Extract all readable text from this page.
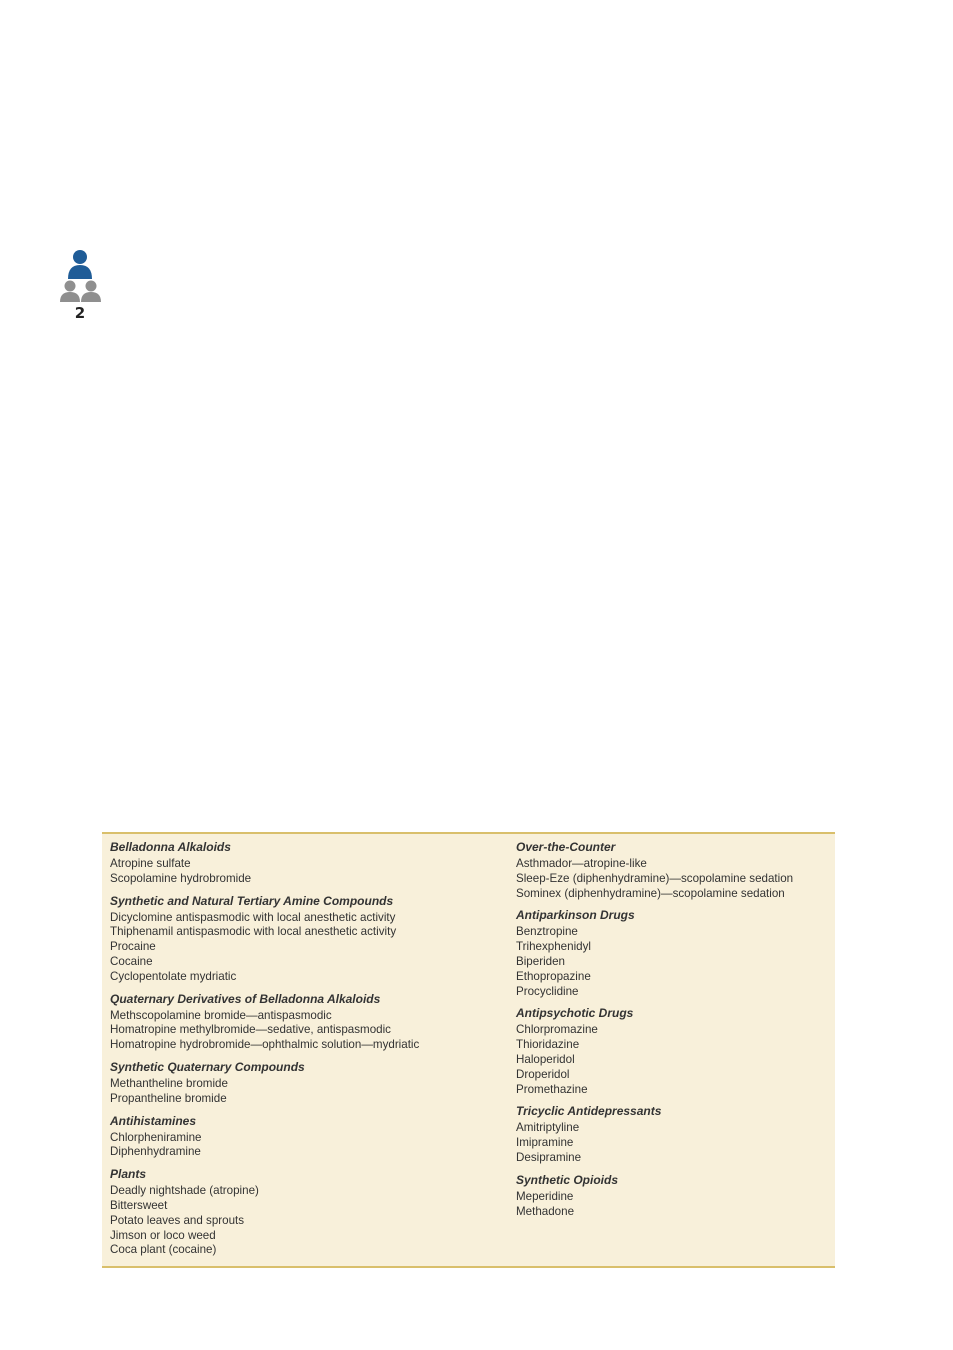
2
Belladonna Alkaloids
Atropine sulfate
Scopolamine hydrobromide
Synthetic and Natural Tertiary Amine Compounds
Dicyclomine antispasmodic with local anesthetic activity
Thiphenamil antispasmodic with local anesthetic activity
Procaine
Cocaine
Cyclopentolate mydriatic
Quaternary Derivatives of Belladonna Alkaloids
Methscopolamine bromide—antispasmodic
Homatropine methylbromide—sedative, antispasmodic
Homatropine hydrobromide—ophthalmic solution—mydriatic
Synthetic Quaternary Compounds
Methantheline bromide
Propantheline bromide
Antihistamines
Chlorpheniramine
Diphenhydramine
Plants
Deadly nightshade (atropine)
Bittersweet
Potato leaves and sprouts
Jimson or loco weed
Coca plant (cocaine)
Over-the-Counter
Asthmador—atropine-like
Sleep-Eze (diphenhydramine)—scopolamine sedation
Sominex (diphenhydramine)—scopolamine sedation
Antiparkinson Drugs
Benztropine
Trihexphenidyl
Biperiden
Ethopropazine
Procyclidine
Antipsychotic Drugs
Chlorpromazine
Thioridazine
Haloperidol
Droperidol
Promethazine
Tricyclic Antidepressants
Amitriptyline
Imipramine
Desipramine
Synthetic Opioids
Meperidine
Methadone
